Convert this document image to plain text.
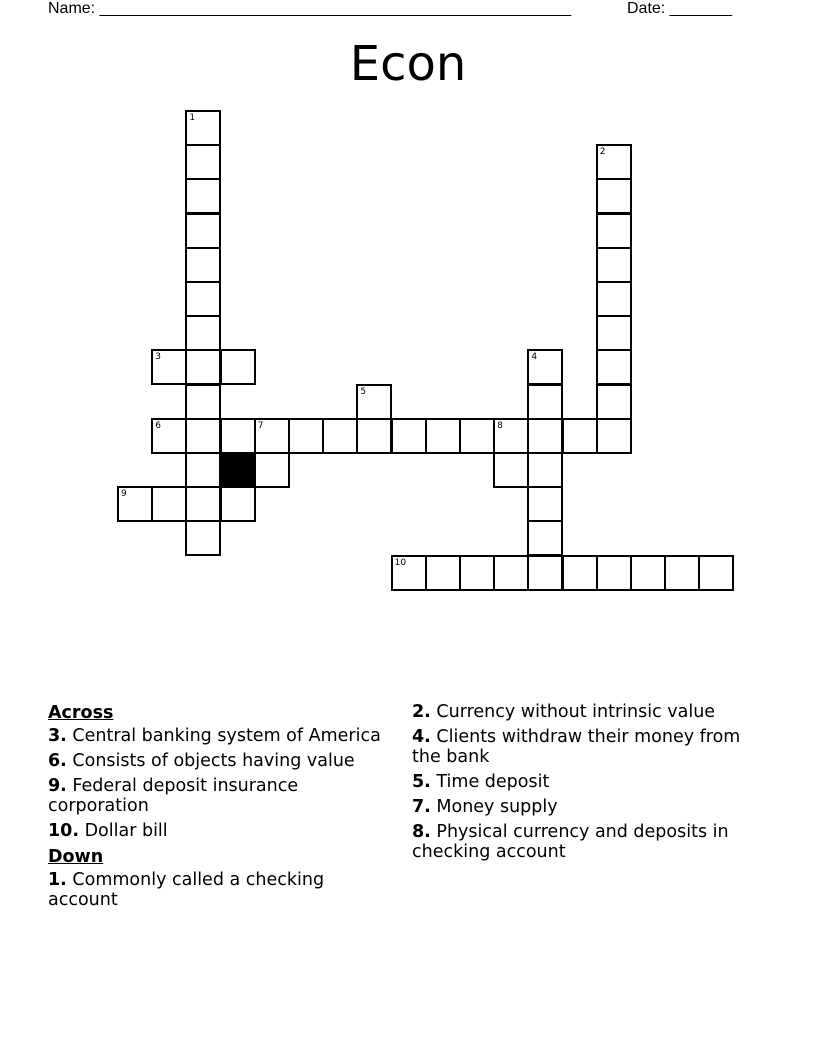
Name: _____________________________________________________	Date: _______
Econ
1
2
3	4
5
6	7	8
9
10
Across
3. Central banking system of America
6. Consists of objects having value
9. Federal deposit insurance corporation
10. Dollar bill
Down
1. Commonly called a checking account
2. Currency without intrinsic value
4. Clients withdraw their money from the bank
5. Time deposit
7. Money supply
8. Physical currency and deposits in checking account
